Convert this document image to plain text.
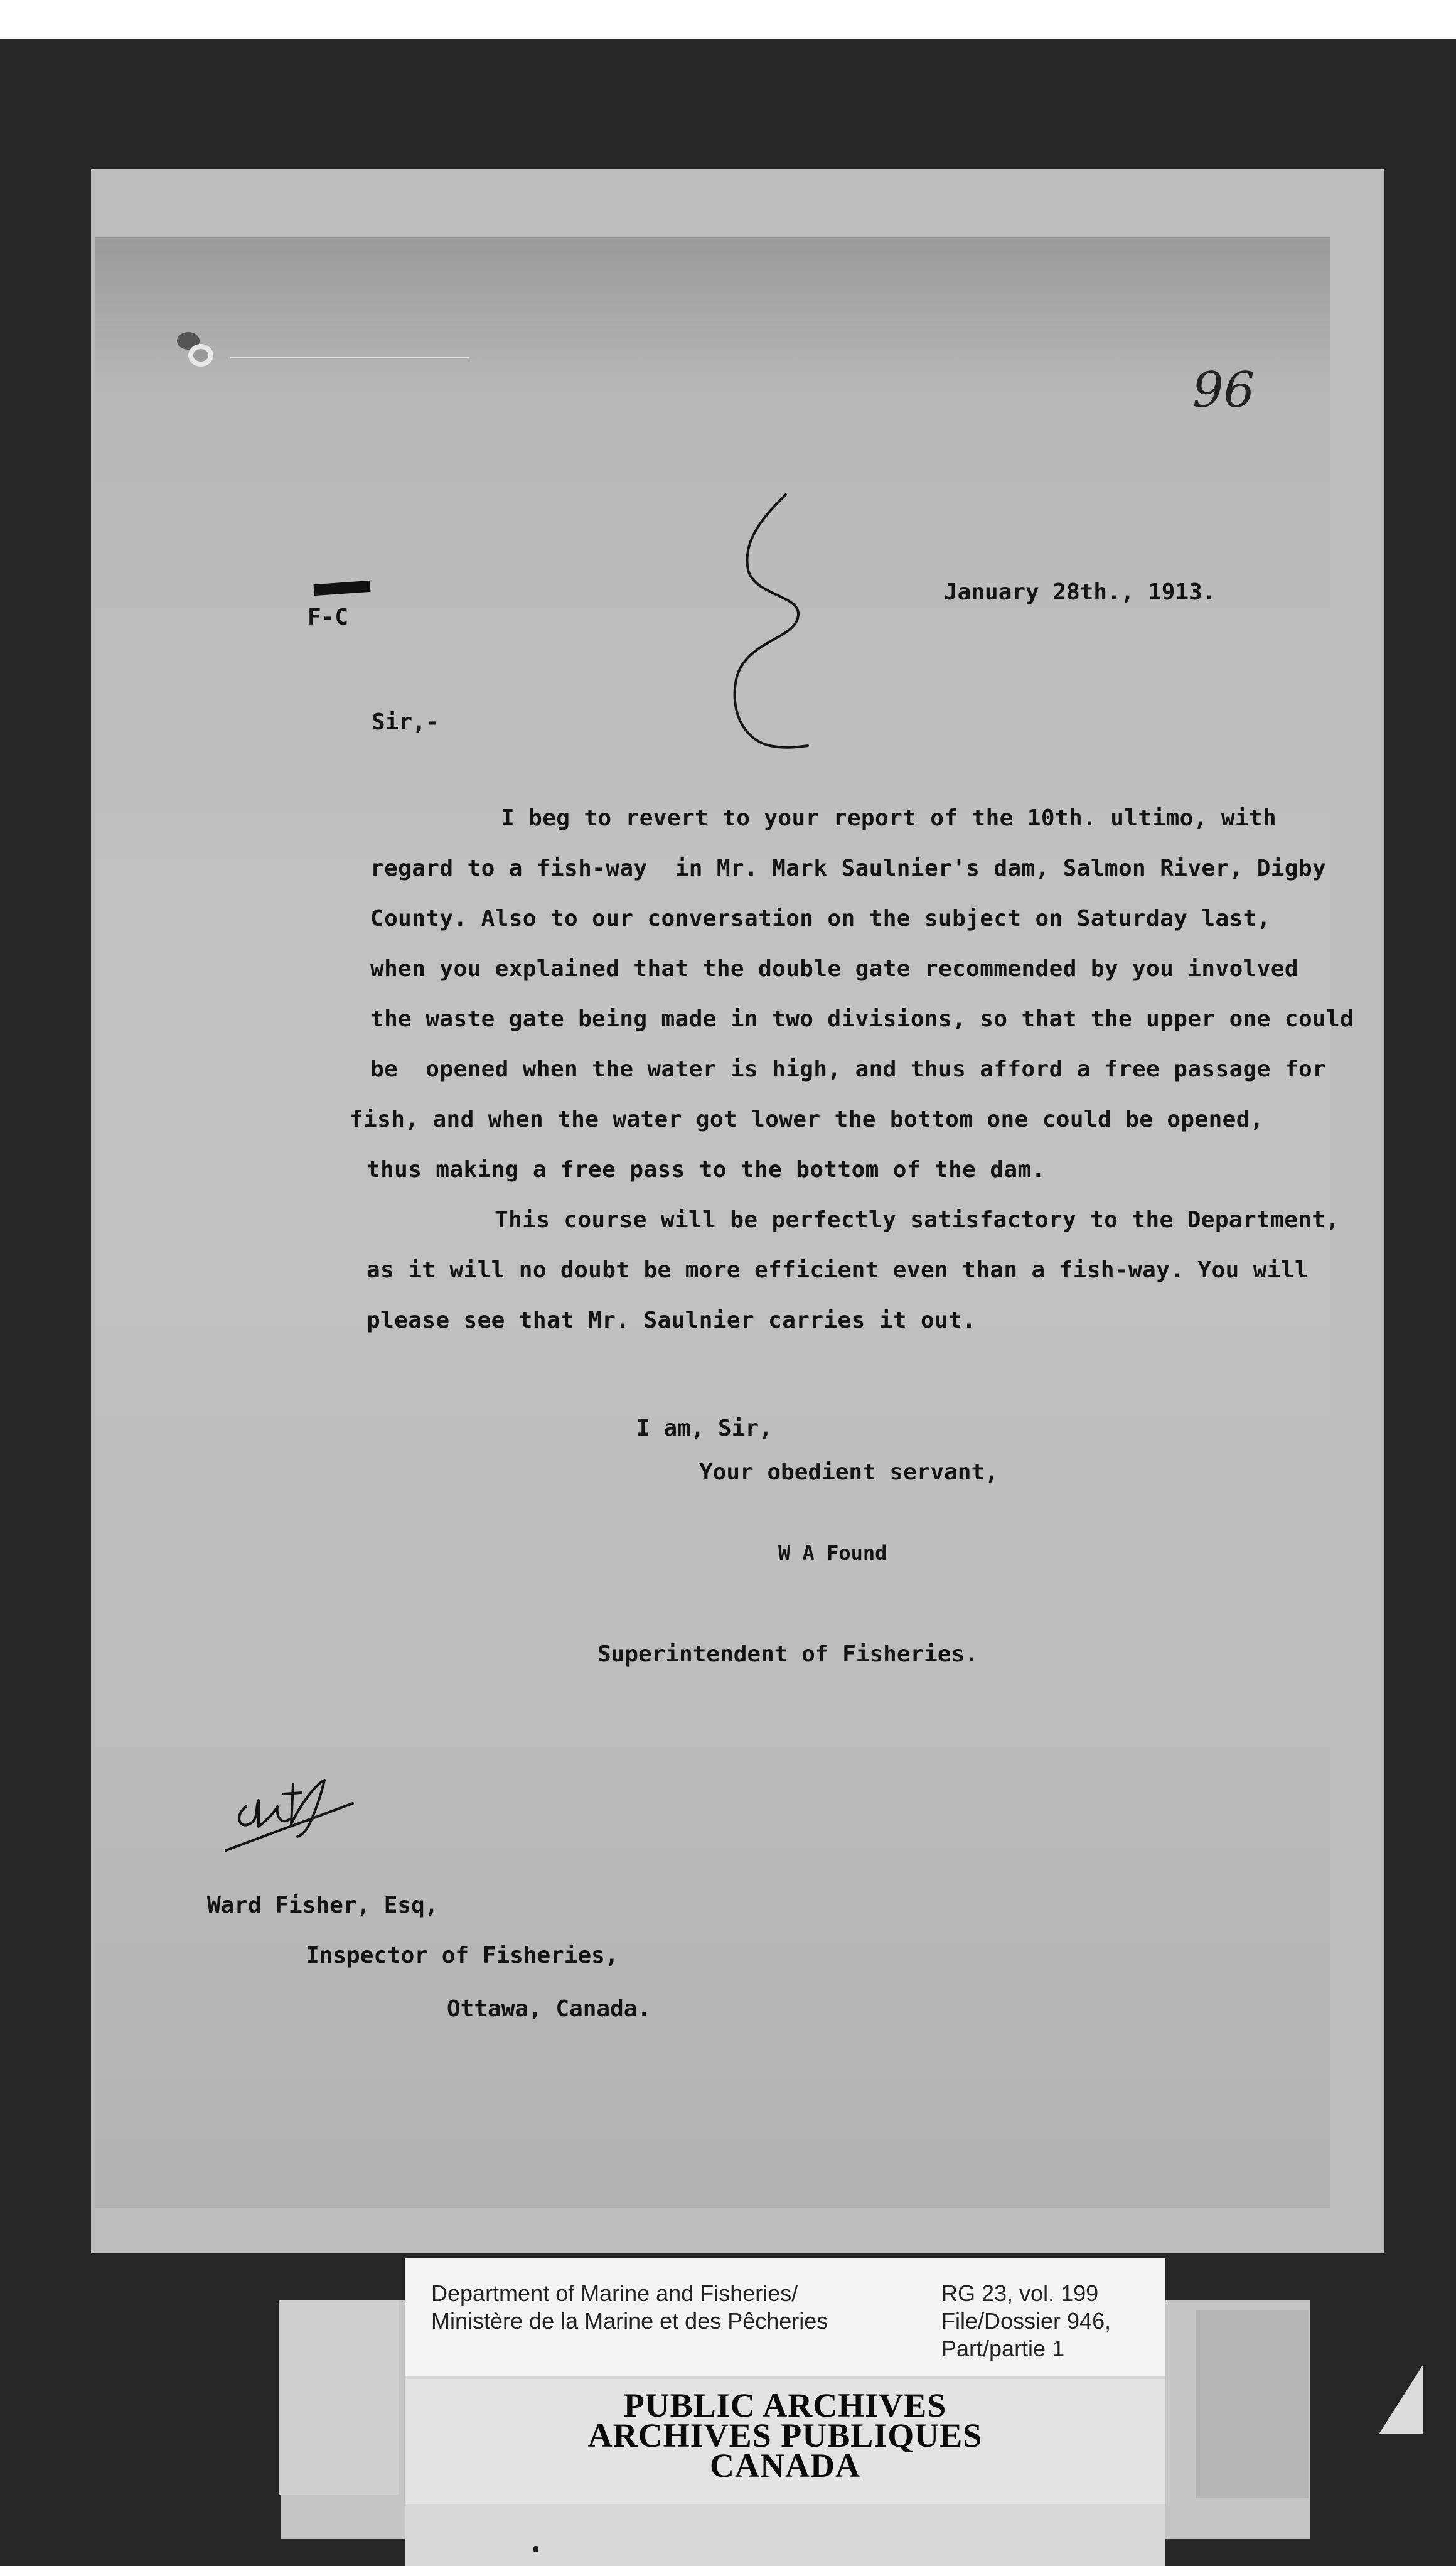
96
F-C
January 28th., 1913.
Sir,-
I beg to revert to your report of the 10th. ultimo, with
regard to a fish-way  in Mr. Mark Saulnier's dam, Salmon River, Digby
County. Also to our conversation on the subject on Saturday last,
when you explained that the double gate recommended by you involved
the waste gate being made in two divisions, so that the upper one could
be  opened when the water is high, and thus afford a free passage for
fish, and when the water got lower the bottom one could be opened,
thus making a free pass to the bottom of the dam.
This course will be perfectly satisfactory to the Department,
as it will no doubt be more efficient even than a fish-way. You will
please see that Mr. Saulnier carries it out.
I am, Sir,
Your obedient servant,
W A Found
Superintendent of Fisheries.
Ward Fisher, Esq,
Inspector of Fisheries,
Ottawa, Canada.
Department of Marine and Fisheries/
Ministère de la Marine et des Pêcheries
RG 23, vol. 199
File/Dossier 946,
Part/partie 1
PUBLIC ARCHIVES
ARCHIVES PUBLIQUES
CANADA
